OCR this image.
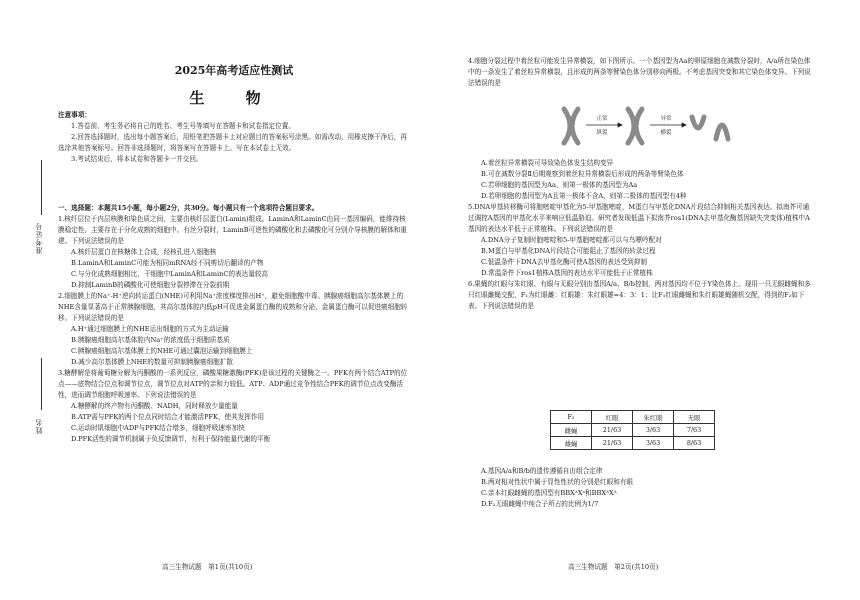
准考证号
姓名
2025年高考适应性测试
生 物

注意事项：

1.答卷前，考生务必将自己的姓名、考生号等填写在答题卡和试卷指定位置。

2.回答选择题时，选出每小题答案后，用铅笔把答题卡上对应题目的答案标号涂黑。如需改动，用橡皮擦干净后，再选涂其他答案标号。回答非选择题时，将答案写在答题卡上。写在本试卷上无效。

3.考试结束后，将本试卷和答题卡一并交回。

一、选择题：本题共15小题，每小题2分，共30分。每小题只有一个选项符合题目要求。

1.核纤层位于内层核膜和染色质之间，主要由核纤层蛋白(Lamin)组成。LaminA和LaminC由同一基因编码，能维持核膜稳定性，主要存在于分化成熟的细胞中。有丝分裂时，LaminB可逆性的磷酸化和去磷酸化可分别介导核膜的解体和重建。下列说法错误的是

A.核纤层蛋白在核糖体上合成，经核孔进入细胞核

B.LaminA和LaminC可能为相同mRNA经不同剪切后翻译的产物

C.与分化成熟细胞相比，干细胞中LaminA和LaminC的表达量较高

D.抑制LaminB的磷酸化可使细胞分裂停滞在分裂前期

2.细胞膜上的Na⁺-H⁺逆向转运蛋白(NHE)可利用Na⁺浓度梯度排出H⁺，避免细胞酸中毒。胰腺癌细胞高尔基体膜上的NHE含量显著高于正常胰腺细胞，其高尔基体腔内低pH可促进金属蛋白酶的成熟和分泌，金属蛋白酶可以促进癌细胞转移。下列说法错误的是

A.H⁺通过细胞膜上的NHE运出细胞的方式为主动运输

B.胰腺癌细胞高尔基体腔内Na⁺的浓度低于细胞质基质

C.胰腺癌细胞高尔基体膜上的NHE可通过囊泡运输到细胞膜上

D.减少高尔基体膜上NHE的数量可抑制胰腺癌细胞扩散

3.糖酵解是将葡萄糖分解为丙酮酸的一系列反应，磷酸果糖激酶(PFK)是该过程的关键酶之一。PFK有两个结合ATP的位点——底物结合位点和调节位点，调节位点对ATP的亲和力较低。ATP、ADP通过竞争性结合PFK的调节位点改变酶活性，进而调节细胞呼吸速率。下列说法错误的是

A.糖酵解的终产物有丙酮酸、NADH，同时释放少量能量

B.ATP需与PFK的两个位点同时结合才能激活PFK，使其发挥作用

C.运动时肌细胞中ADP与PFK结合增多，细胞呼吸速率加快

D.PFK活性的调节机制属于负反馈调节，有利于保持能量代谢的平衡

高三生物试题　第1页(共10页)
4.细胞分裂过程中着丝粒可能发生异常横裂，如下图所示。一个基因型为Aa的卵原细胞在减数分裂时，A/a所在染色体中的一条发生了着丝粒异常横裂，且形成的两条等臂染色体分别移向两极。不考虑基因突变和其它染色体变异。下列说法错误的是
正常
纵裂
异常
横裂

A.着丝粒异常横裂可导致染色体发生结构变异

B.可在减数分裂Ⅱ后期观察到着丝粒异常横裂后形成的两条等臂染色体

C.若卵细胞的基因型为Aa，则第一极体的基因型为Aa

D.若卵细胞的基因型为A且第一极体不含A，则第二极体的基因型有4种

5.DNA甲基转移酶可将胞嘧啶甲基化为5-甲基胞嘧啶，M蛋白与甲基化DNA片段结合抑制相关基因表达。拟南芥可通过调控A基因的甲基化水平来响应低温胁迫。研究者发现低温下拟南芥ros1(DNA去甲基化酶基因缺失突变体)植株中A基因的表达水平低于正常植株。下列说法错误的是

A.DNA分子复制时胞嘧啶和5-甲基胞嘧啶都可以与鸟嘌呤配对

B.M蛋白与甲基化DNA片段结合可能阻止了基因的转录过程

C.低温条件下DNA去甲基化酶可使A基因的表达受到抑制

D.常温条件下ros1植株A基因的表达水平可能低于正常植株

6.果蝇的红眼与朱红眼、有眼与无眼分别由基因A/a、B/b控制，两对基因均不位于Y染色体上。现用一只无眼雌蝇和多只红眼雌蝇交配，F₁为红眼雌：红眼雄：朱红眼雄=4：3：1；让F₁红眼雌蝇和朱红眼雄蝇随机交配，得到的F₂如下表。下列说法错误的是

F₂	红眼	朱红眼	无眼
雌蝇	21/63	3/63	7/63
雄蝇	21/63	3/63	8/63

A.基因A/a和B/b的遗传遵循自由组合定律

B.两对相对性状中属于显性性状的分别是红眼和有眼

C.亲本红眼雌蝇的基因型有BBXᴬXᵃ和BBXᴬXᴬ

D.F₂无眼雌蝇中纯合子所占的比例为1/7

高三生物试题　第2页(共10页)
